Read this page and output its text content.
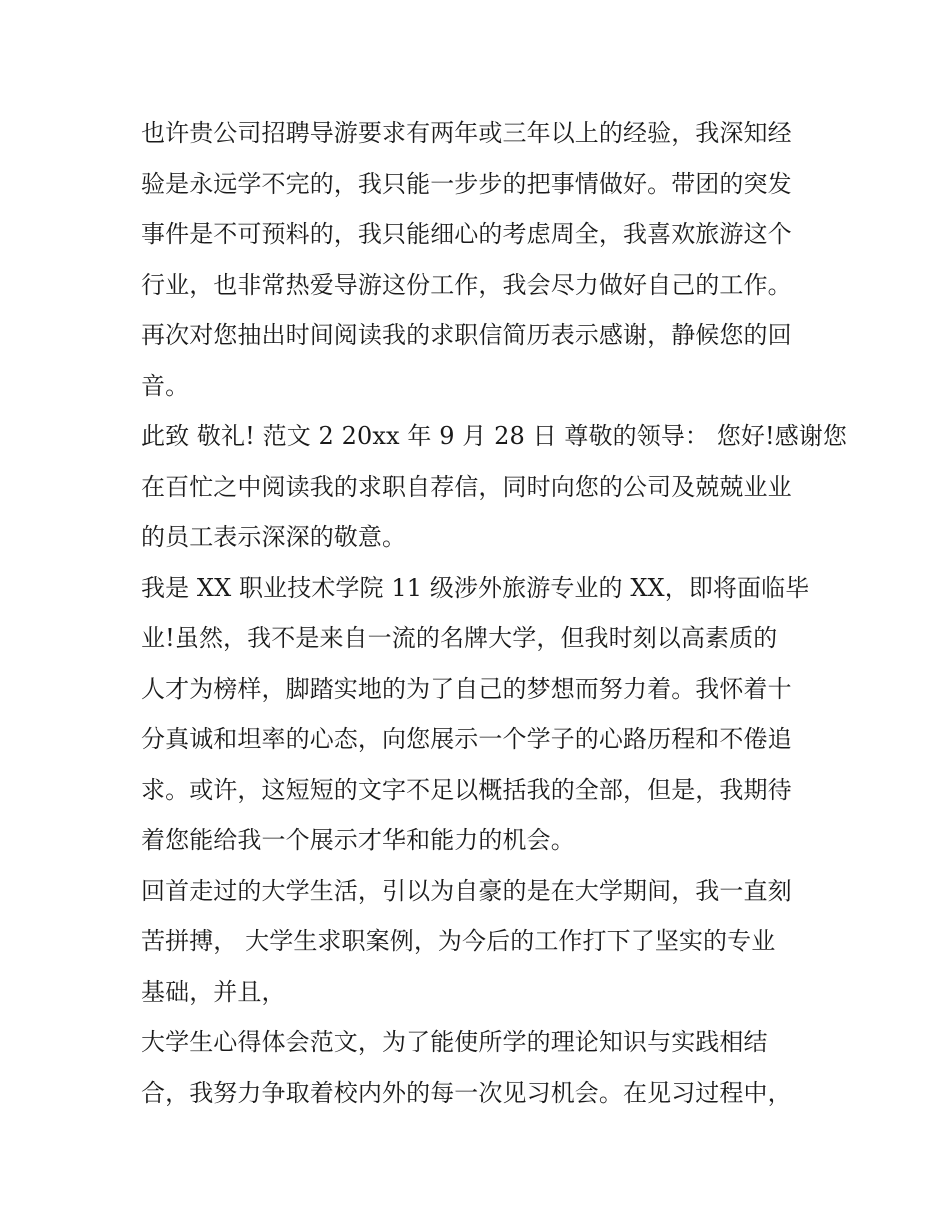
也许贵公司招聘导游要求有两年或三年以上的经验，我深知经
验是永远学不完的，我只能一步步的把事情做好。带团的突发
事件是不可预料的，我只能细心的考虑周全，我喜欢旅游这个
行业，也非常热爱导游这份工作，我会尽力做好自己的工作。
再次对您抽出时间阅读我的求职信简历表示感谢，静候您的回
音。
此致 敬礼! 范文 2 20xx 年 9 月 28 日 尊敬的领导： 您好!感谢您
在百忙之中阅读我的求职自荐信，同时向您的公司及兢兢业业
的员工表示深深的敬意。
我是 XX 职业技术学院 11 级涉外旅游专业的 XX，即将面临毕
业!虽然，我不是来自一流的名牌大学，但我时刻以高素质的
人才为榜样，脚踏实地的为了自己的梦想而努力着。我怀着十
分真诚和坦率的心态，向您展示一个学子的心路历程和不倦追
求。或许，这短短的文字不足以概括我的全部，但是，我期待
着您能给我一个展示才华和能力的机会。
回首走过的大学生活，引以为自豪的是在大学期间，我一直刻
苦拼搏， 大学生求职案例，为今后的工作打下了坚实的专业
基础，并且，
大学生心得体会范文，为了能使所学的理论知识与实践相结
合，我努力争取着校内外的每一次见习机会。在见习过程中，
